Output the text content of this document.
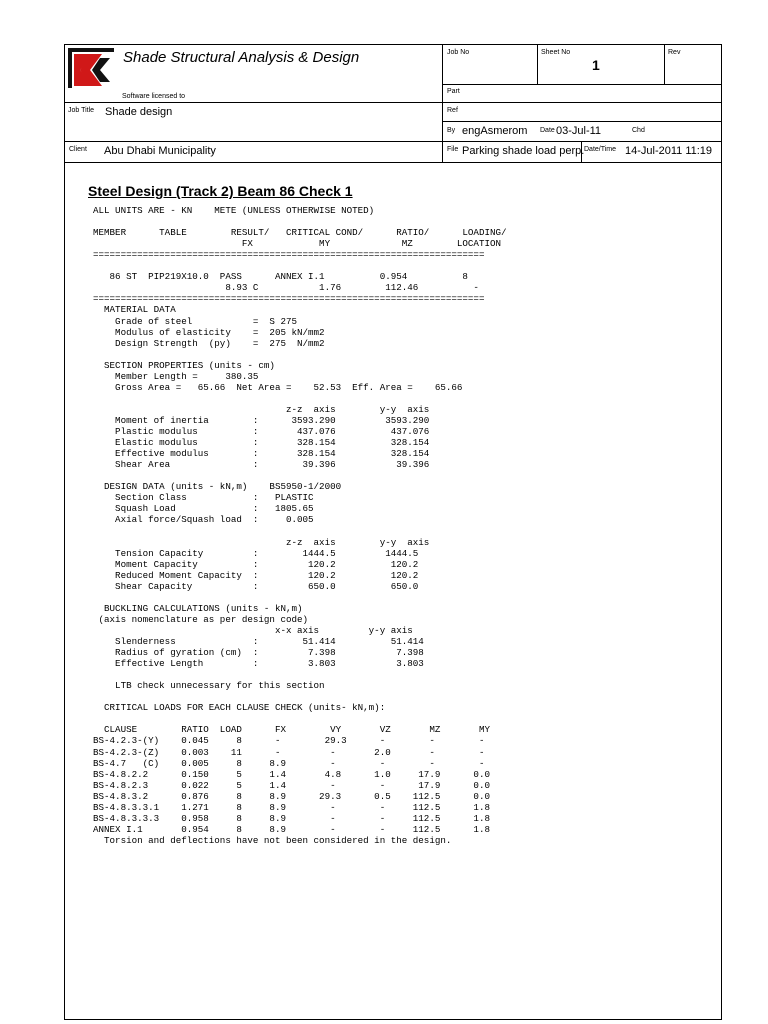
Shade Structural Analysis & Design
Software licensed to
Job No	Sheet No
1
Rev
Part
Ref
Job Title Shade design
By engAsmerom Date 03-Jul-11	Chd
Client Abu Dhabi Municipality	File Parking shade load perp. Date/Time 14-Jul-2011 11:19
Steel Design (Track 2) Beam 86 Check 1
ALL UNITS ARE - KN    METE (UNLESS OTHERWISE NOTED)
MEMBER      TABLE        RESULT/   CRITICAL COND/      RATIO/      LOADING/
FX            MY             MZ        LOCATION
=======================================================================
86 ST  PIP219X10.0  PASS      ANNEX I.1          0.954          8
8.93 C           1.76        112.46          -
=======================================================================
MATERIAL DATA
Grade of steel           =  S 275
Modulus of elasticity    =  205 kN/mm2
Design Strength  (py)    =  275  N/mm2
SECTION PROPERTIES (units - cm)
Member Length =     380.35
Gross Area =   65.66  Net Area =    52.53  Eff. Area =    65.66
z-z  axis        y-y  axis
Moment of inertia        :      3593.290         3593.290
Plastic modulus          :       437.076          437.076
Elastic modulus          :       328.154          328.154
Effective modulus        :       328.154          328.154
Shear Area               :        39.396           39.396
DESIGN DATA (units - kN,m)    BS5950-1/2000
Section Class            :   PLASTIC
Squash Load              :   1805.65
Axial force/Squash load  :     0.005
z-z  axis        y-y  axis
Tension Capacity         :        1444.5         1444.5
Moment Capacity          :         120.2          120.2
Reduced Moment Capacity  :         120.2          120.2
Shear Capacity           :         650.0          650.0
BUCKLING CALCULATIONS (units - kN,m)
(axis nomenclature as per design code)
x-x axis         y-y axis
Slenderness              :        51.414          51.414
Radius of gyration (cm)  :         7.398           7.398
Effective Length         :         3.803           3.803
LTB check unnecessary for this section
CRITICAL LOADS FOR EACH CLAUSE CHECK (units- kN,m):
CLAUSE        RATIO  LOAD      FX        VY       VZ       MZ       MY
BS-4.2.3-(Y)    0.045     8      -        29.3      -        -        -
BS-4.2.3-(Z)    0.003    11      -         -       2.0       -        -
BS-4.7   (C)    0.005     8     8.9        -        -        -        -
BS-4.8.2.2      0.150     5     1.4       4.8      1.0     17.9      0.0
BS-4.8.2.3      0.022     5     1.4        -        -      17.9      0.0
BS-4.8.3.2      0.876     8     8.9      29.3      0.5    112.5      0.0
BS-4.8.3.3.1    1.271     8     8.9        -        -     112.5      1.8
BS-4.8.3.3.3    0.958     8     8.9        -        -     112.5      1.8
ANNEX I.1       0.954     8     8.9        -        -     112.5      1.8
Torsion and deflections have not been considered in the design.
